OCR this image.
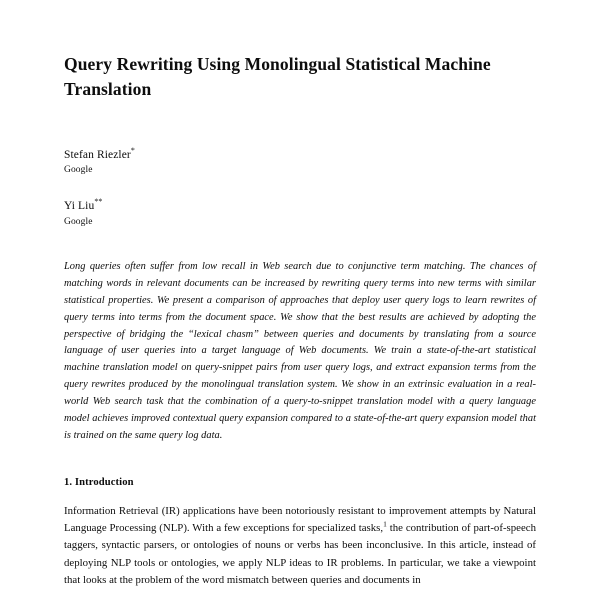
Query Rewriting Using Monolingual Statistical Machine Translation
Stefan Riezler*
Google
Yi Liu**
Google
Long queries often suffer from low recall in Web search due to conjunctive term matching. The chances of matching words in relevant documents can be increased by rewriting query terms into new terms with similar statistical properties. We present a comparison of approaches that deploy user query logs to learn rewrites of query terms into terms from the document space. We show that the best results are achieved by adopting the perspective of bridging the “lexical chasm” between queries and documents by translating from a source language of user queries into a target language of Web documents. We train a state-of-the-art statistical machine translation model on query-snippet pairs from user query logs, and extract expansion terms from the query rewrites produced by the monolingual translation system. We show in an extrinsic evaluation in a real-world Web search task that the combination of a query-to-snippet translation model with a query language model achieves improved contextual query expansion compared to a state-of-the-art query expansion model that is trained on the same query log data.
1. Introduction
Information Retrieval (IR) applications have been notoriously resistant to improvement attempts by Natural Language Processing (NLP). With a few exceptions for specialized tasks,$^1$ the contribution of part-of-speech taggers, syntactic parsers, or ontologies of nouns or verbs has been inconclusive. In this article, instead of deploying NLP tools or ontologies, we apply NLP ideas to IR problems. In particular, we take a viewpoint that looks at the problem of the word mismatch between queries and documents in
